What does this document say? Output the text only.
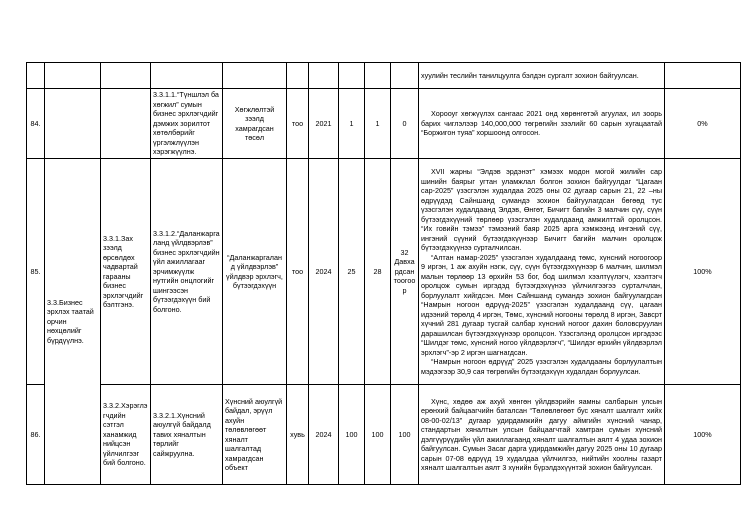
										хуулийн теслийн танилцуулга бэлдэн сургалт зохион байгуулсан.	

84.			3.3.1.1.“Түншлэл ба хөгжил” сумын бизнес эрхлэгчдийг дэмжих зорилтот хөтөлбөрийг үргэлжлүүлэн хэрэгжүүлнэ.	Хөгжлөлтэй зээлд хамрагдсан төсөл	тоо	2021	1	1	0	Хорооуг хөгжүүлэх сангаас 2021 онд хөрөнгөтэй агуулах, ил зоорь барих чиглэлээр 140,000,000 төгрөгийн зээлийг 60 сарын хугацаатай “Боржигон туяа” хоршоонд олгосон.	0%
85.	3.3.Бизнес эрхлэх таатай орчин нөхцөлийг бүрдүүлнэ.	3.3.1.Зах зээлд өрсөлдөх чадвартай гарааны бизнес эрхлэгчдийг бэлтгэнэ.	3.3.1.2.“Даланжаргаланд үйлдвэрлэв” бизнес эрхлэгчдийн үйл ажиллагааг эрчимжүүлж нутгийн онцлогийг шингээсэн бүтээгдэхүүн бий болгоно.	“Даланжаргаланд үйлдвэрлэв” үйлдвэр эрхлэгч, бүтээгдэхүүн	тоо	2024	25	28	32 Давхардсан тоогоор	XVII жарны “Элдэв эрдэнэт” хэмээх модон могой жилийн сар шинийн баярыг угтан уламжлал болгон зохион байгуулдаг “Цагаан сар-2025” үзэсгэлэн худалдаа 2025 оны 02 дугаар сарын 21, 22 –ны өдрүүдэд Сайншанд сумандэ зохион байгуулагдсан бөгөөд тус үзэсгэлэн худалдаанд Элдэв, Өнгөт, Бичигт багийн 3 малчин сүү, сүүн бүтээгдэхүүний төрлөөр үзэсгэлэн худалдаанд амжилттай оролцсон. “Их говийн тэмээ” тэмээний баяр 2025 арга хэмжээнд ингэний сүү, ингэний сүүний бүтээгдэхүүнээр Бичигт багийн малчин оролцож бүтээгдэхүүнээ сурталчилсан.
“Алтан намар-2025” үзэсгэлэн худалдаанд төмс, хүнсний ногоогоор 9 иргэн, 1 аж ахуйн нэгж, сүү, сүүн бүтээгдэхүүнээр 6 малчин, шилмэл малын төрлөөр 13 өрхийн 53 бог, бод шилмэл хээлтүүлэгч, хээлтэгч оролцож сумын иргэдэд бүтээгдэхүүнээ үйлчилгээгээ сурталчлан, борлуулалт хийгдсэн. Мөн Сайншанд сумандэ зохион байгуулагдсан “Намрын ногоон өдрүүд-2025” үзэсгэлэн худалдаанд сүү, цагаан идээний төрөлд 4 иргэн, Төмс, хүнсний ногооны төрөлд 8 иргэн, Завсрт хүчний 281 дугаар тусгай салбар хүнсний ногоог дахин боловсруулан дарашилсан бүтээгдэхүүнээр оролцсон. Үзэсгэлэнд оролцсон иргэдээс “Шилдэг төмс, хүнсний ногоо үйлдвэрлэгч”, “Шилдэг өрхийн үйлдвэрлэл эрхлэгч”-эр 2 иргэн шагнагдсан.
“Намрын ногоон өдрүүд” 2025 үзэсгэлэн худалдааны борлуулалтын мэдээгээр 30,9 сая төгрөгийн бүтээгдэхүүн худалдан борлуулсан.	100%
86.		3.3.2.Хэрэглэгчдийн сэтгэл ханамжид нийцсэн үйлчилгээг бий болгоно.	3.3.2.1.Хүнсний аюулгүй байдалд тавих хяналтын төрлийг сайжруулна.	Хүнсний аюулгүй байдал, эрүүл ахуйн төлөвлөгөөт хяналт шалгалтад хамрагдсан объект	хувь	2024	100	100	100	Хүнс, хөдөө аж ахуй хөнгөн үйлдвэрийн яамны салбарын улсын ерөнхий байцаагчийн баталсан “Төлөвлөгөөт бус хяналт шалгалт хийх 08-00-02/13” дугаар удирдамжийн дагуу аймгийн хүнсний чанар, стандартын хяналтын улсын байцаагчтай хамтран сумын хүнсний дэлгүүрүүдийн үйл ажиллагаанд хяналт шалгалтын аялт 4 удаа зохион байгуулсан. Сумын Засаг дарга удирдамжийн дагуу 2025 оны 10 дугаар сарын 07-08 өдрүүд 19 худалдаа үйлчилгээ, нийтийн хоолны газарт хяналт шалгалтын аялт 3 хүнийн бүрэлдэхүүнтэй зохион байгуулсан.	100%
